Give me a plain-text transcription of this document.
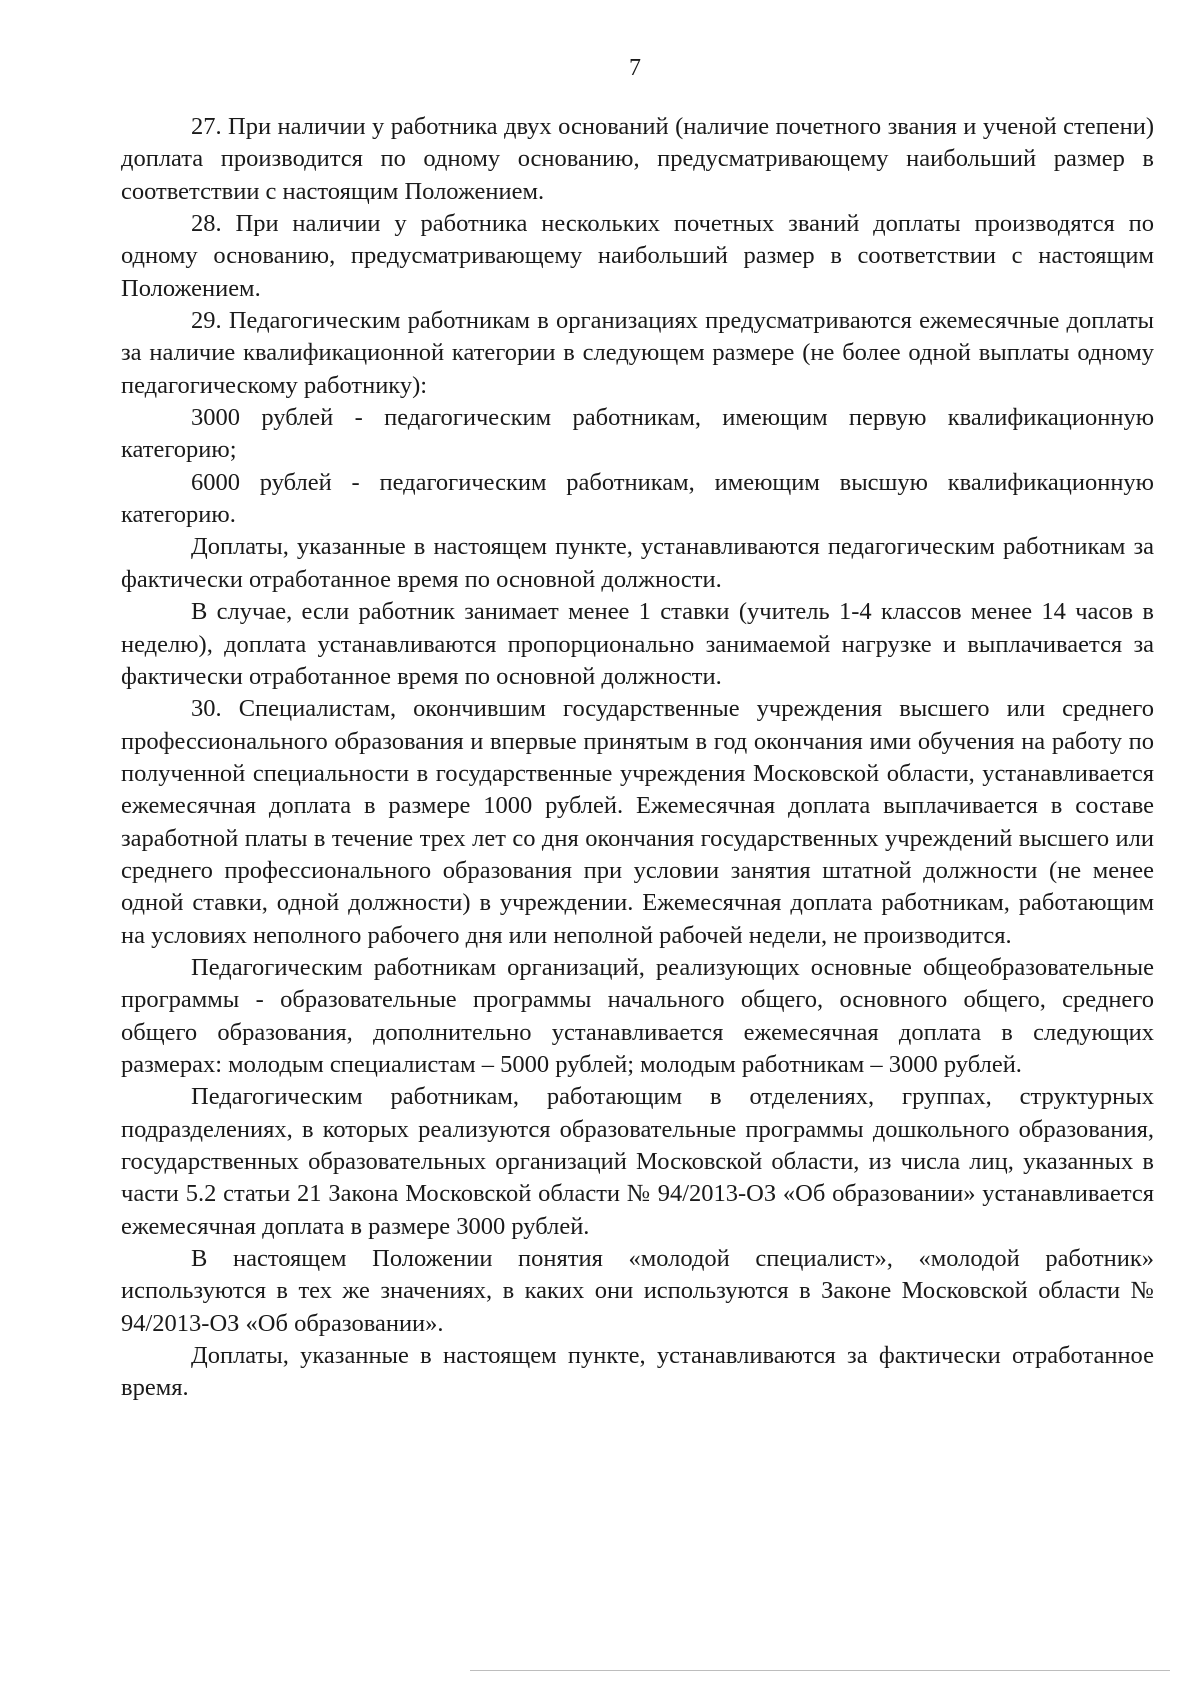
7

27. При наличии у работника двух оснований (наличие почетного звания и ученой степени) доплата производится по одному основанию, предусматривающему наибольший размер в соответствии с настоящим Положением.

28. При наличии у работника нескольких почетных званий доплаты производятся по одному основанию, предусматривающему наибольший размер в соответствии с настоящим Положением.

29. Педагогическим работникам в организациях предусматриваются ежемесячные доплаты за наличие квалификационной категории в следующем размере (не более одной выплаты одному педагогическому работнику):

3000 рублей - педагогическим работникам, имеющим первую квалификационную категорию;

6000 рублей - педагогическим работникам, имеющим высшую квалификационную категорию.

Доплаты, указанные в настоящем пункте, устанавливаются педагогическим работникам за фактически отработанное время по основной должности.

В случае, если работник занимает менее 1 ставки (учитель 1-4 классов менее 14 часов в неделю), доплата устанавливаются пропорционально занимаемой нагрузке и выплачивается за фактически отработанное время по основной должности.

30. Специалистам, окончившим государственные учреждения высшего или среднего профессионального образования и впервые принятым в год окончания ими обучения на работу по полученной специальности в государственные учреждения Московской области, устанавливается ежемесячная доплата в размере 1000 рублей. Ежемесячная доплата выплачивается в составе заработной платы в течение трех лет со дня окончания государственных учреждений высшего или среднего профессионального образования при условии занятия штатной должности (не менее одной ставки, одной должности) в учреждении. Ежемесячная доплата работникам, работающим на условиях неполного рабочего дня или неполной рабочей недели, не производится.

Педагогическим работникам организаций, реализующих основные общеобразовательные программы - образовательные программы начального общего, основного общего, среднего общего образования, дополнительно устанавливается ежемесячная доплата в следующих размерах: молодым специалистам – 5000 рублей; молодым работникам – 3000 рублей.

Педагогическим работникам, работающим в отделениях, группах, структурных подразделениях, в которых реализуются образовательные программы дошкольного образования, государственных образовательных организаций Московской области, из числа лиц, указанных в части 5.2 статьи 21 Закона Московской области № 94/2013-ОЗ «Об образовании» устанавливается ежемесячная доплата в размере 3000 рублей.

В настоящем Положении понятия «молодой специалист», «молодой работник» используются в тех же значениях, в каких они используются в Законе Московской области № 94/2013-ОЗ «Об образовании».

Доплаты, указанные в настоящем пункте, устанавливаются за фактически отработанное время.
